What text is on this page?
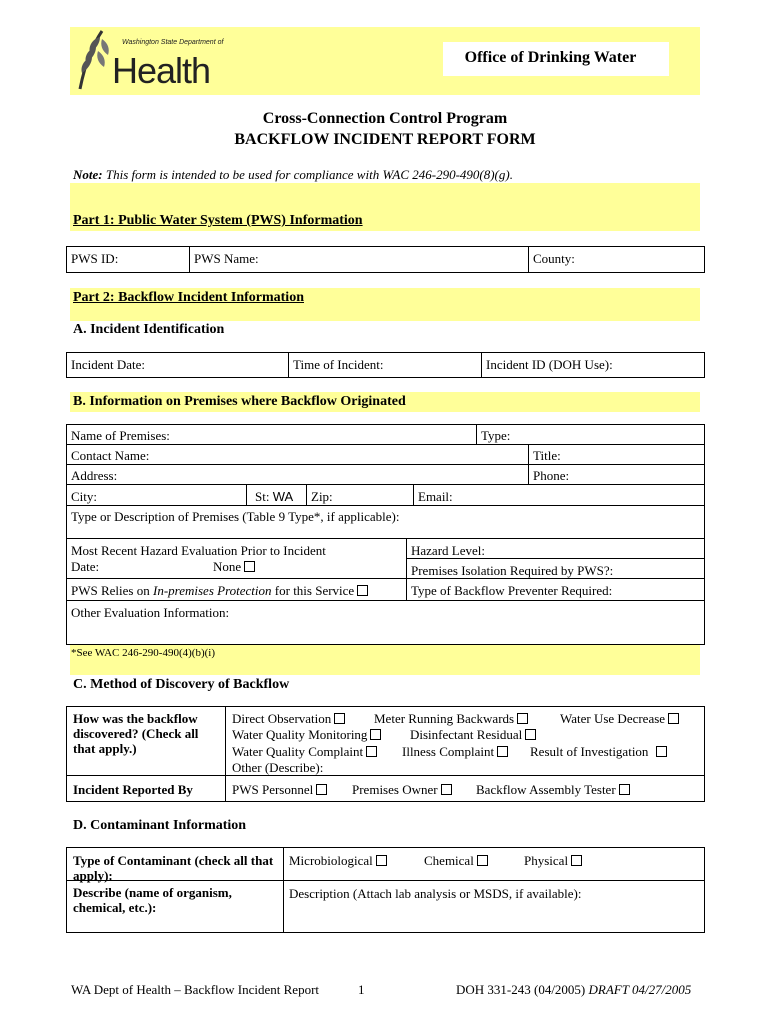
Washington State Department of
Health	Office of Drinking Water
Cross-Connection Control Program
BACKFLOW INCIDENT REPORT FORM
Note: This form is intended to be used for compliance with WAC 246-290-490(8)(g).
Part 1: Public Water System (PWS) Information
PWS ID:	PWS Name:	County:
Part 2: Backflow Incident Information
A. Incident Identification
Incident Date:	Time of Incident:	Incident ID (DOH Use):
B. Information on Premises where Backflow Originated
Name of Premises:	Type:
Contact Name:	Title:
Address:	Phone:
City:	St: WA	Zip:	Email:
Type or Description of Premises (Table 9 Type*, if applicable):
Most Recent Hazard Evaluation Prior to Incident
Date:	None
Hazard Level:
Premises Isolation Required by PWS?:
PWS Relies on In-premises Protection for this Service	Type of Backflow Preventer Required:
Other Evaluation Information:
*See WAC 246-290-490(4)(b)(i)
C. Method of Discovery of Backflow
How was the backflow discovered? (Check all that apply.)
Direct Observation	Meter Running Backwards	Water Use Decrease
Water Quality Monitoring	Disinfectant Residual
Water Quality Complaint	Illness Complaint	Result of Investigation
Other (Describe):
Incident Reported By	PWS Personnel	Premises Owner	Backflow Assembly Tester
D. Contaminant Information
Type of Contaminant (check all that apply):
Microbiological	Chemical	Physical
Describe (name of organism, chemical, etc.):
Description (Attach lab analysis or MSDS, if available):
WA Dept of Health – Backflow Incident Report	1	DOH 331-243 (04/2005) DRAFT 04/27/2005
